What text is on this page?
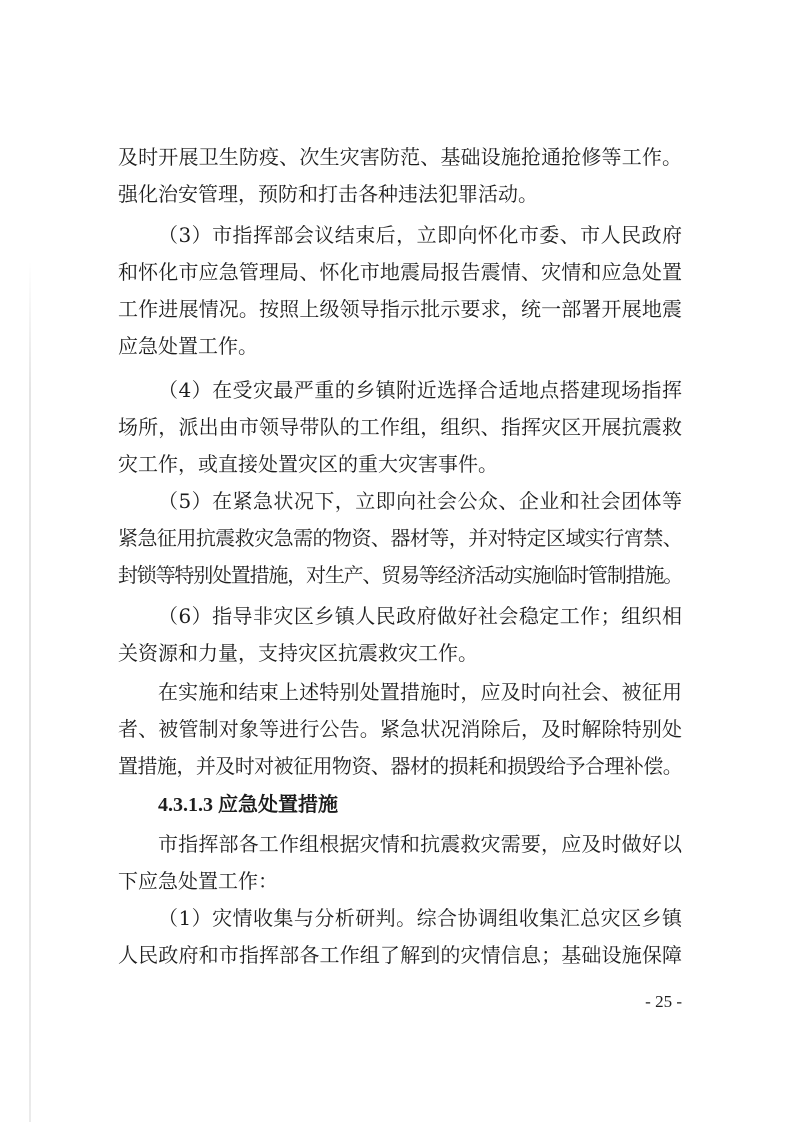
及时开展卫生防疫、次生灾害防范、基础设施抢通抢修等工作。
强化治安管理，预防和打击各种违法犯罪活动。
（3）市指挥部会议结束后，立即向怀化市委、市人民政府
和怀化市应急管理局、怀化市地震局报告震情、灾情和应急处置
工作进展情况。按照上级领导指示批示要求，统一部署开展地震
应急处置工作。
（4）在受灾最严重的乡镇附近选择合适地点搭建现场指挥
场所，派出由市领导带队的工作组，组织、指挥灾区开展抗震救
灾工作，或直接处置灾区的重大灾害事件。
（5）在紧急状况下，立即向社会公众、企业和社会团体等
紧急征用抗震救灾急需的物资、器材等，并对特定区域实行宵禁、
封锁等特别处置措施，对生产、贸易等经济活动实施临时管制措施。
（6）指导非灾区乡镇人民政府做好社会稳定工作；组织相
关资源和力量，支持灾区抗震救灾工作。
在实施和结束上述特别处置措施时，应及时向社会、被征用
者、被管制对象等进行公告。紧急状况消除后，及时解除特别处
置措施，并及时对被征用物资、器材的损耗和损毁给予合理补偿。
4.3.1.3 应急处置措施
市指挥部各工作组根据灾情和抗震救灾需要，应及时做好以
下应急处置工作：
（1）灾情收集与分析研判。综合协调组收集汇总灾区乡镇
人民政府和市指挥部各工作组了解到的灾情信息；基础设施保障
- 25 -
